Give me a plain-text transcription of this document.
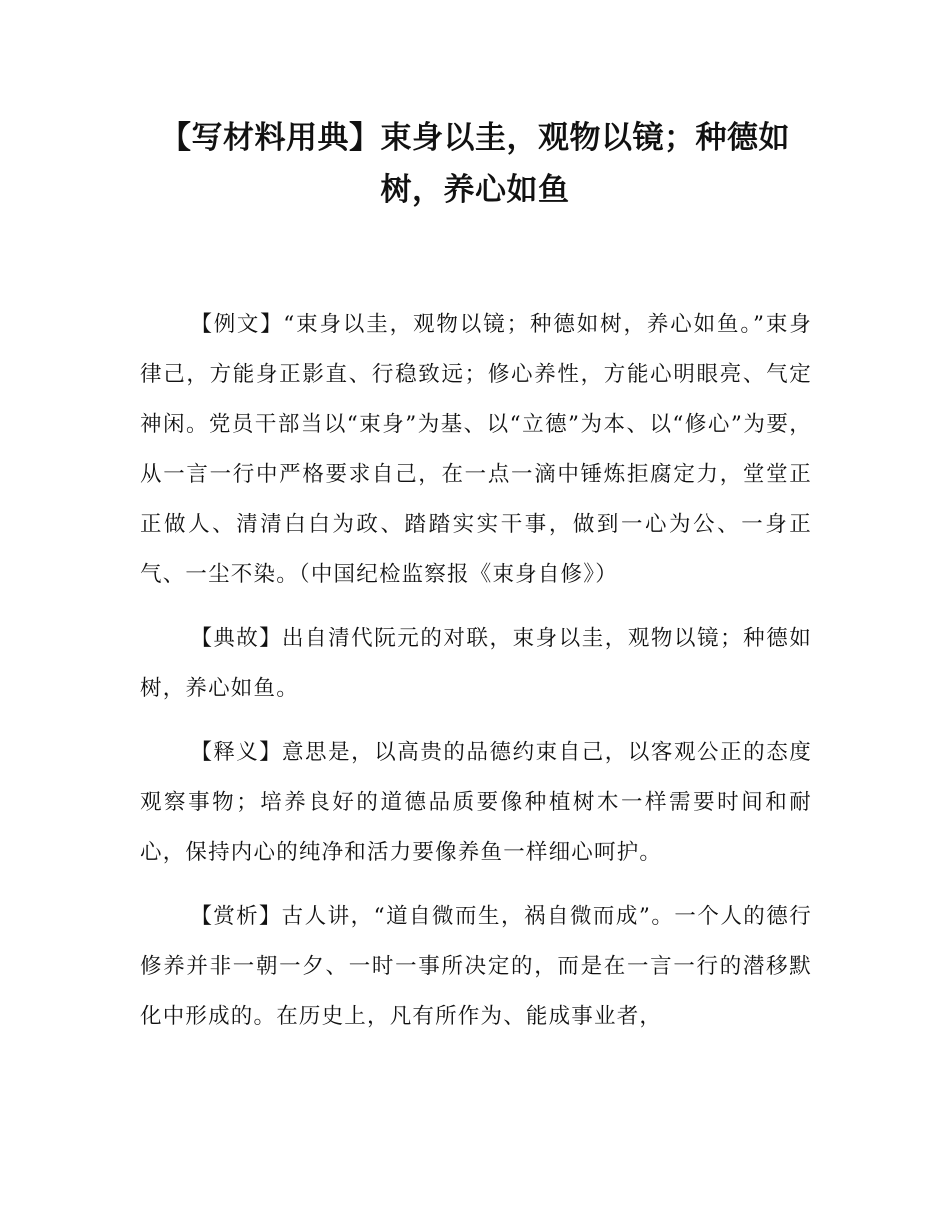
【写材料用典】束身以圭，观物以镜；种德如树，养心如鱼

【例文】“束身以圭，观物以镜；种德如树，养心如鱼。”束身律己，方能身正影直、行稳致远；修心养性，方能心明眼亮、气定神闲。党员干部当以“束身”为基、以“立德”为本、以“修心”为要，从一言一行中严格要求自己，在一点一滴中锤炼拒腐定力，堂堂正正做人、清清白白为政、踏踏实实干事，做到一心为公、一身正气、一尘不染。（中国纪检监察报《束身自修》）

【典故】出自清代阮元的对联，束身以圭，观物以镜；种德如树，养心如鱼。

【释义】意思是，以高贵的品德约束自己，以客观公正的态度观察事物；培养良好的道德品质要像种植树木一样需要时间和耐心，保持内心的纯净和活力要像养鱼一样细心呵护。

【赏析】古人讲，“道自微而生，祸自微而成”。一个人的德行修养并非一朝一夕、一时一事所决定的，而是在一言一行的潜移默化中形成的。在历史上，凡有所作为、能成事业者，
